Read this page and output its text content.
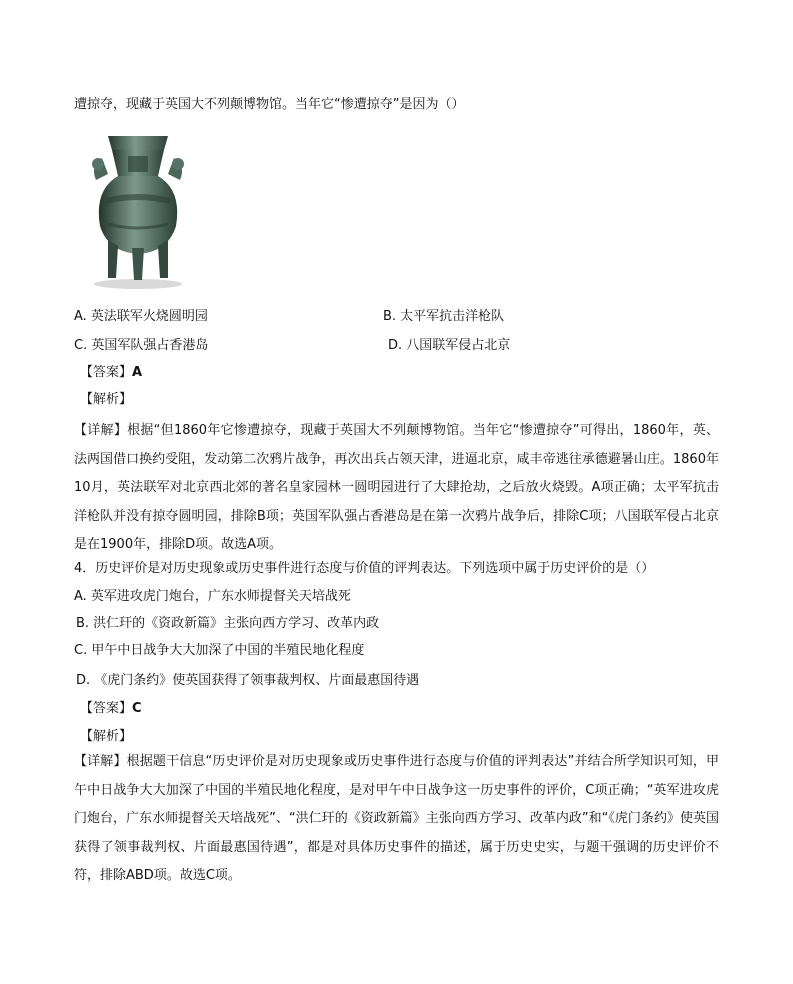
遭掠夺，现藏于英国大不列颠博物馆。当年它“惨遭掠夺”是因为（）
A. 英法联军火烧圆明园	B. 太平军抗击洋枪队
C. 英国军队强占香港岛	D. 八国联军侵占北京
【答案】A
【解析】
【详解】根据“但1860年它惨遭掠夺，现藏于英国大不列颠博物馆。当年它“惨遭掠夺”可得出，1860年，英、法两国借口换约受阻，发动第二次鸦片战争，再次出兵占领天津，进逼北京，咸丰帝逃往承德避暑山庄。1860年10月，英法联军对北京西北郊的著名皇家园林一圆明园进行了大肆抢劫，之后放火烧毁。A项正确；太平军抗击洋枪队并没有掠夺圆明园，排除B项；英国军队强占香港岛是在第一次鸦片战争后，排除C项；八国联军侵占北京是在1900年，排除D项。故选A项。
4．历史评价是对历史现象或历史事件进行态度与价值的评判表达。下列选项中属于历史评价的是（）
A. 英军进攻虎门炮台，广东水师提督关天培战死
B. 洪仁玕的《资政新篇》主张向西方学习、改革内政
C. 甲午中日战争大大加深了中国的半殖民地化程度
D. 《虎门条约》使英国获得了领事裁判权、片面最惠国待遇
【答案】C
【解析】
【详解】根据题干信息“历史评价是对历史现象或历史事件进行态度与价值的评判表达”并结合所学知识可知，甲午中日战争大大加深了中国的半殖民地化程度，是对甲午中日战争这一历史事件的评价，C项正确；“英军进攻虎门炮台，广东水师提督关天培战死”、“洪仁玕的《资政新篇》主张向西方学习、改革内政”和“《虎门条约》使英国获得了领事裁判权、片面最惠国待遇”，都是对具体历史事件的描述，属于历史史实，与题干强调的历史评价不符，排除ABD项。故选C项。
